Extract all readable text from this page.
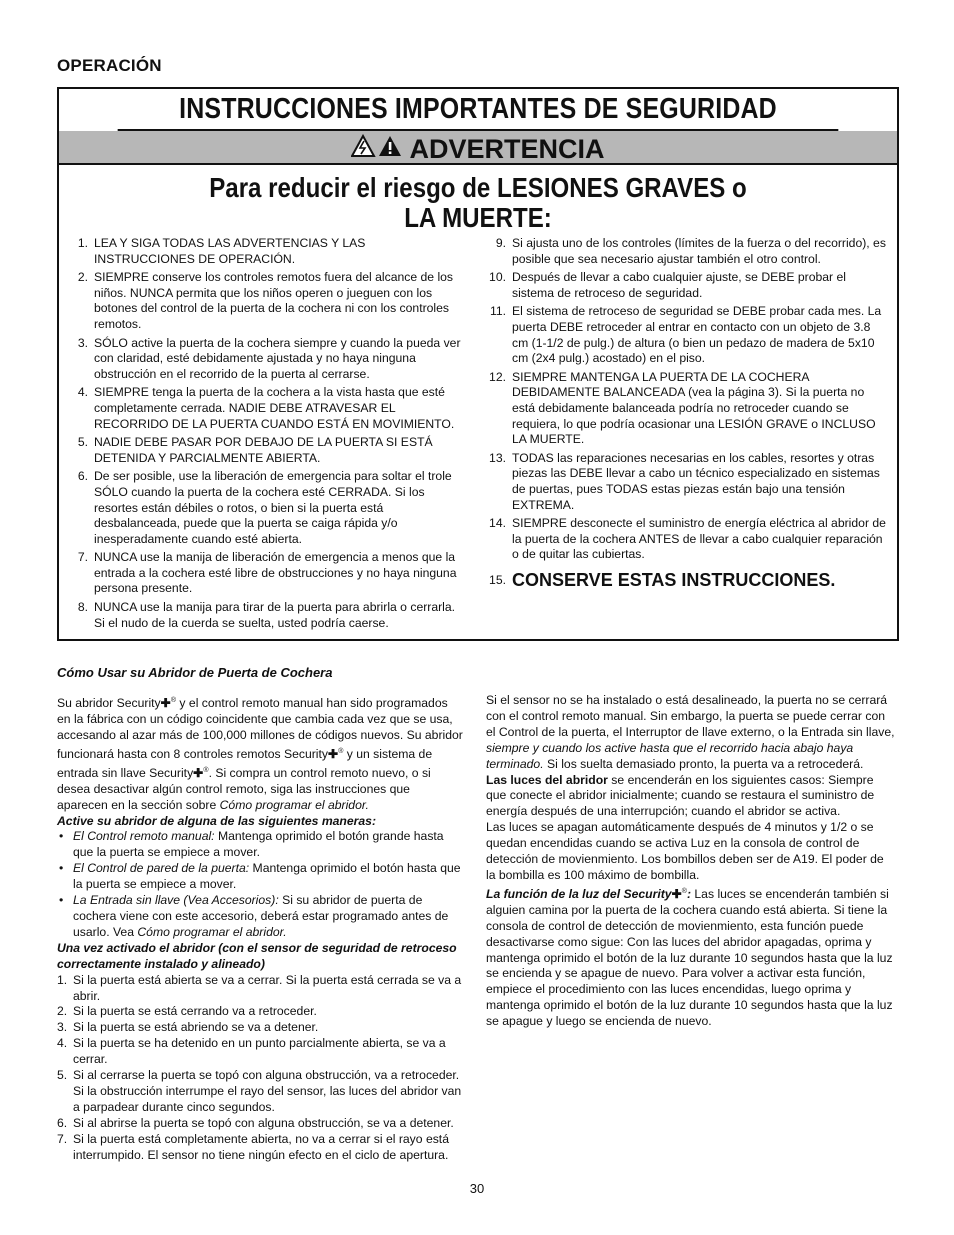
OPERACIÓN
INSTRUCCIONES IMPORTANTES DE SEGURIDAD
ADVERTENCIA
Para reducir el riesgo de LESIONES GRAVES o
LA MUERTE:
1. LEA Y SIGA TODAS LAS ADVERTENCIAS Y LAS INSTRUCCIONES DE OPERACIÓN.
2. SIEMPRE conserve los controles remotos fuera del alcance de los niños. NUNCA permita que los niños operen o jueguen con los botones del control de la puerta de la cochera ni con los controles remotos.
3. SÓLO active la puerta de la cochera siempre y cuando la pueda ver con claridad, esté debidamente ajustada y no haya ninguna obstrucción en el recorrido de la puerta al cerrarse.
4. SIEMPRE tenga la puerta de la cochera a la vista hasta que esté completamente cerrada. NADIE DEBE ATRAVESAR EL RECORRIDO DE LA PUERTA CUANDO ESTÁ EN MOVIMIENTO.
5. NADIE DEBE PASAR POR DEBAJO DE LA PUERTA SI ESTÁ DETENIDA Y PARCIALMENTE ABIERTA.
6. De ser posible, use la liberación de emergencia para soltar el trole SÓLO cuando la puerta de la cochera esté CERRADA. Si los resortes están débiles o rotos, o bien si la puerta está desbalanceada, puede que la puerta se caiga rápida y/o inesperadamente cuando esté abierta.
7. NUNCA use la manija de liberación de emergencia a menos que la entrada a la cochera esté libre de obstrucciones y no haya ninguna persona presente.
8. NUNCA use la manija para tirar de la puerta para abrirla o cerrarla. Si el nudo de la cuerda se suelta, usted podría caerse.
9. Si ajusta uno de los controles (límites de la fuerza o del recorrido), es posible que sea necesario ajustar también el otro control.
10. Después de llevar a cabo cualquier ajuste, se DEBE probar el sistema de retroceso de seguridad.
11. El sistema de retroceso de seguridad se DEBE probar cada mes. La puerta DEBE retroceder al entrar en contacto con un objeto de 3.8 cm (1-1/2 de pulg.) de altura (o bien un pedazo de madera de 5x10 cm (2x4 pulg.) acostado) en el piso.
12. SIEMPRE MANTENGA LA PUERTA DE LA COCHERA DEBIDAMENTE BALANCEADA (vea la página 3). Si la puerta no está debidamente balanceada podría no retroceder cuando se requiera, lo que podría ocasionar una LESIÓN GRAVE o INCLUSO LA MUERTE.
13. TODAS las reparaciones necesarias en los cables, resortes y otras piezas las DEBE llevar a cabo un técnico especializado en sistemas de puertas, pues TODAS estas piezas están bajo una tensión EXTREMA.
14. SIEMPRE desconecte el suministro de energía eléctrica al abridor de la puerta de la cochera ANTES de llevar a cabo cualquier reparación o de quitar las cubiertas.
15. CONSERVE ESTAS INSTRUCCIONES.
Cómo Usar su Abridor de Puerta de Cochera

Su abridor Security✚® y el control remoto manual han sido programados en la fábrica con un código coincidente que cambia cada vez que se usa, accesando al azar más de 100,000 millones de códigos nuevos. Su abridor funcionará hasta con 8 controles remotos Security✚® y un sistema de entrada sin llave Security✚®. Si compra un control remoto nuevo, o si desea desactivar algún control remoto, siga las instrucciones que aparecen en la sección sobre Cómo programar el abridor.

Active su abridor de alguna de las siguientes maneras:

• El Control remoto manual: Mantenga oprimido el botón grande hasta que la puerta se empiece a mover.
• El Control de pared de la puerta: Mantenga oprimido el botón hasta que la puerta se empiece a mover.
• La Entrada sin llave (Vea Accesorios): Si su abridor de puerta de cochera viene con este accesorio, deberá estar programado antes de usarlo. Vea Cómo programar el abridor.

Una vez activado el abridor (con el sensor de seguridad de retroceso correctamente instalado y alineado)

1. Si la puerta está abierta se va a cerrar. Si la puerta está cerrada se va a abrir.
2. Si la puerta se está cerrando va a retroceder.
3. Si la puerta se está abriendo se va a detener.
4. Si la puerta se ha detenido en un punto parcialmente abierta, se va a cerrar.
5. Si al cerrarse la puerta se topó con alguna obstrucción, va a retroceder. Si la obstrucción interrumpe el rayo del sensor, las luces del abridor van a parpadear durante cinco segundos.
6. Si al abrirse la puerta se topó con alguna obstrucción, se va a detener.
7. Si la puerta está completamente abierta, no va a cerrar si el rayo está interrumpido. El sensor no tiene ningún efecto en el ciclo de apertura.

Si el sensor no se ha instalado o está desalineado, la puerta no se cerrará con el control remoto manual. Sin embargo, la puerta se puede cerrar con el Control de la puerta, el Interruptor de llave externo, o la Entrada sin llave, siempre y cuando los active hasta que el recorrido hacia abajo haya terminado. Si los suelta demasiado pronto, la puerta va a retrocederá.

Las luces del abridor se encenderán en los siguientes casos: Siempre que conecte el abridor inicialmente; cuando se restaura el suministro de energía después de una interrupción; cuando el abridor se activa.

Las luces se apagan automáticamente después de 4 minutos y 1/2 o se quedan encendidas cuando se activa Luz en la consola de control de detección de movienmiento. Los bombillos deben ser de A19. El poder de la bombilla es 100 máximo de bombilla.

La función de la luz del Security✚®: Las luces se encenderán también si alguien camina por la puerta de la cochera cuando está abierta. Si tiene la consola de control de detección de movienmiento, esta función puede desactivarse como sigue: Con las luces del abridor apagadas, oprima y mantenga oprimido el botón de la luz durante 10 segundos hasta que la luz se encienda y se apague de nuevo. Para volver a activar esta función, empiece el procedimiento con las luces encendidas, luego oprima y mantenga oprimido el botón de la luz durante 10 segundos hasta que la luz se apague y luego se encienda de nuevo.

30
